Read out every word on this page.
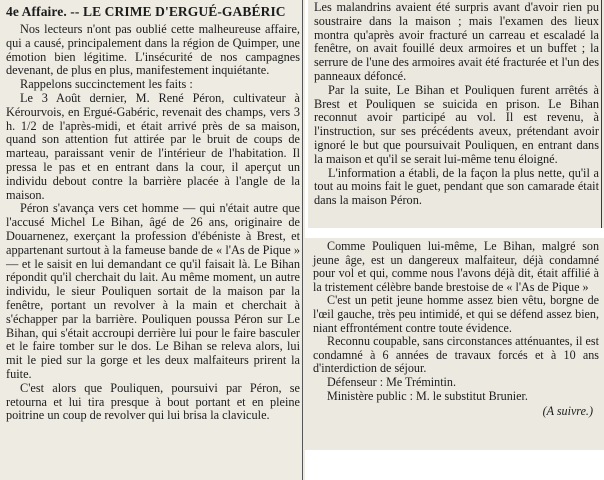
4e Affaire. -- LE CRIME D'ERGUÉ-GABÉRIC

Nos lecteurs n'ont pas oublié cette malheureuse affaire, qui a causé, principalement dans la région de Quimper, une émotion bien légitime. L'insécurité de nos campagnes devenant, de plus en plus, manifestement inquiétante.

Rappelons succinctement les faits :

Le 3 Août dernier, M. René Péron, cultivateur à Kérourvois, en Ergué-Gabéric, revenait des champs, vers 3 h. 1/2 de l'après-midi, et était arrivé près de sa maison, quand son attention fut attirée par le bruit de coups de marteau, paraissant venir de l'intérieur de l'habitation. Il pressa le pas et en entrant dans la cour, il aperçut un individu debout contre la barrière placée à l'angle de la maison.

Péron s'avança vers cet homme — qui n'était autre que l'accusé Michel Le Bihan, âgé de 26 ans, originaire de Douarnenez, exerçant la profession d'ébéniste à Brest, et appartenant surtout à la fameuse bande de « l'As de Pique » — et le saisit en lui demandant ce qu'il faisait là. Le Bihan répondit qu'il cherchait du lait. Au même moment, un autre individu, le sieur Pouliquen sortait de la maison par la fenêtre, portant un revolver à la main et cherchait à s'échapper par la barrière. Pouliquen poussa Péron sur Le Bihan, qui s'était accroupi derrière lui pour le faire basculer et le faire tomber sur le dos. Le Bihan se releva alors, lui mit le pied sur la gorge et les deux malfaiteurs prirent la fuite.

C'est alors que Pouliquen, poursuivi par Péron, se retourna et lui tira presque à bout portant et en pleine poitrine un coup de revolver qui lui brisa la clavicule.

Les malandrins avaient été surpris avant d'avoir rien pu soustraire dans la maison ; mais l'examen des lieux montra qu'après avoir fracturé un carreau et escaladé la fenêtre, on avait fouillé deux armoires et un buffet ; la serrure de l'une des armoires avait été fracturée et l'un des panneaux défoncé.

Par la suite, Le Bihan et Pouliquen furent arrêtés à Brest et Pouliquen se suicida en prison. Le Bihan reconnut avoir participé au vol. Il est revenu, à l'instruction, sur ses précédents aveux, prétendant avoir ignoré le but que poursuivait Pouliquen, en entrant dans la maison et qu'il se serait lui-même tenu éloigné.

L'information a établi, de la façon la plus nette, qu'il a tout au moins fait le guet, pendant que son camarade était dans la maison Péron.

Comme Pouliquen lui-même, Le Bihan, malgré son jeune âge, est un dangereux malfaiteur, déjà condamné pour vol et qui, comme nous l'avons déjà dit, était affilié à la tristement célèbre bande brestoise de « l'As de Pique »

C'est un petit jeune homme assez bien vêtu, borgne de l'œil gauche, très peu intimidé, et qui se défend assez bien, niant effrontément contre toute évidence.

Reconnu coupable, sans circonstances atténuantes, il est condamné à 6 années de travaux forcés et à 10 ans d'interdiction de séjour.

Défenseur : Me Trémintin.

Ministère public : M. le substitut Brunier.

(A suivre.)
